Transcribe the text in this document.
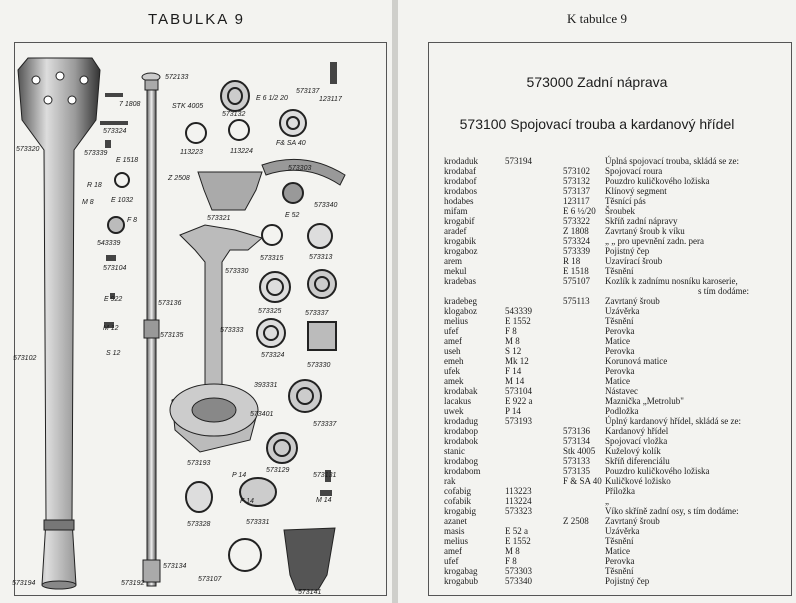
TABULKA 9
573320
7 1808
573324
573339
E 1518
R 18
E 1032
M 8
F 8
543339
573104
E 922
M 12
S 12
573102
573194
572133
STK 4005
573132
E 6 1/2 20
573137
123117
113223	113224
F& SA 40
Z 2508
573303
573321	E 52
573340
573136
573330
573315	573313
573325	573337
573135
573333
573324
573330
393331
573401
573337
573193
573129
573131
P 14
F 14	M 14
573328	573331
573192
573134
573107
573141
K tabulce 9
573000 Zadní náprava
573100 Spojovací trouba a kardanový hřídel
krodaduk	573194	Úplná spojovací trouba, skládá se ze:
krodabaf	573102 Spojovací roura
krodabof	573132 Pouzdro kuličkového ložiska
krodabos	573137 Klínový segment
hodabes	123117 Těsnící pás
mifam	E 6 ½/20 Šroubek
krogabif	573322 Skříň zadní nápravy
aradef	Z 1808 Zavrtaný šroub k víku
krogabik	573324 „ „ pro upevnění zadn. pera
krogaboz	573339 Pojistný čep
arem	R 18	Uzavírací šroub
mekul	E 1518 Těsnění
kradebas	575107 Kozlík k zadnímu nosníku karoserie,
s tím dodáme:
kradebeg	575113 Zavrtaný šroub
klogaboz	543339	Uzávěrka
melius	E 1552	Těsnění
ufef	F 8	Perovka
amef	M 8	Matice
useh	S 12	Perovka
emeh	Mk 12	Korunová matice
ufek	F 14	Perovka
amek	M 14	Matice
krodabak	573104	Nástavec
lacakus	E 922 a	Maznička „Metrolub"
uwek	P 14	Podložka
krodadug	573193	Úplný kardanový hřídel, skládá se ze:
krodabop	573136 Kardanový hřídel
krodabok	573134 Spojovací vložka
stanic	Stk 4005 Kuželový kolík
krodabog	573133 Skříň diferenciálu
krodabom	573135 Pouzdro kuličkového ložiska
rak	F & SA 40 Kuličkové ložisko
cofabig	113223	Příložka
cofabik	113224	„
krogabig	573323	Víko skříně zadní osy, s tím dodáme:
azanet	Z 2508 Zavrtaný šroub
masis	E 52 a	Uzávěrka
melius	E 1552	Těsnění
amef	M 8	Matice
ufef	F 8	Perovka
krogabag	573303	Těsnění
krogabub	573340	Pojistný čep
